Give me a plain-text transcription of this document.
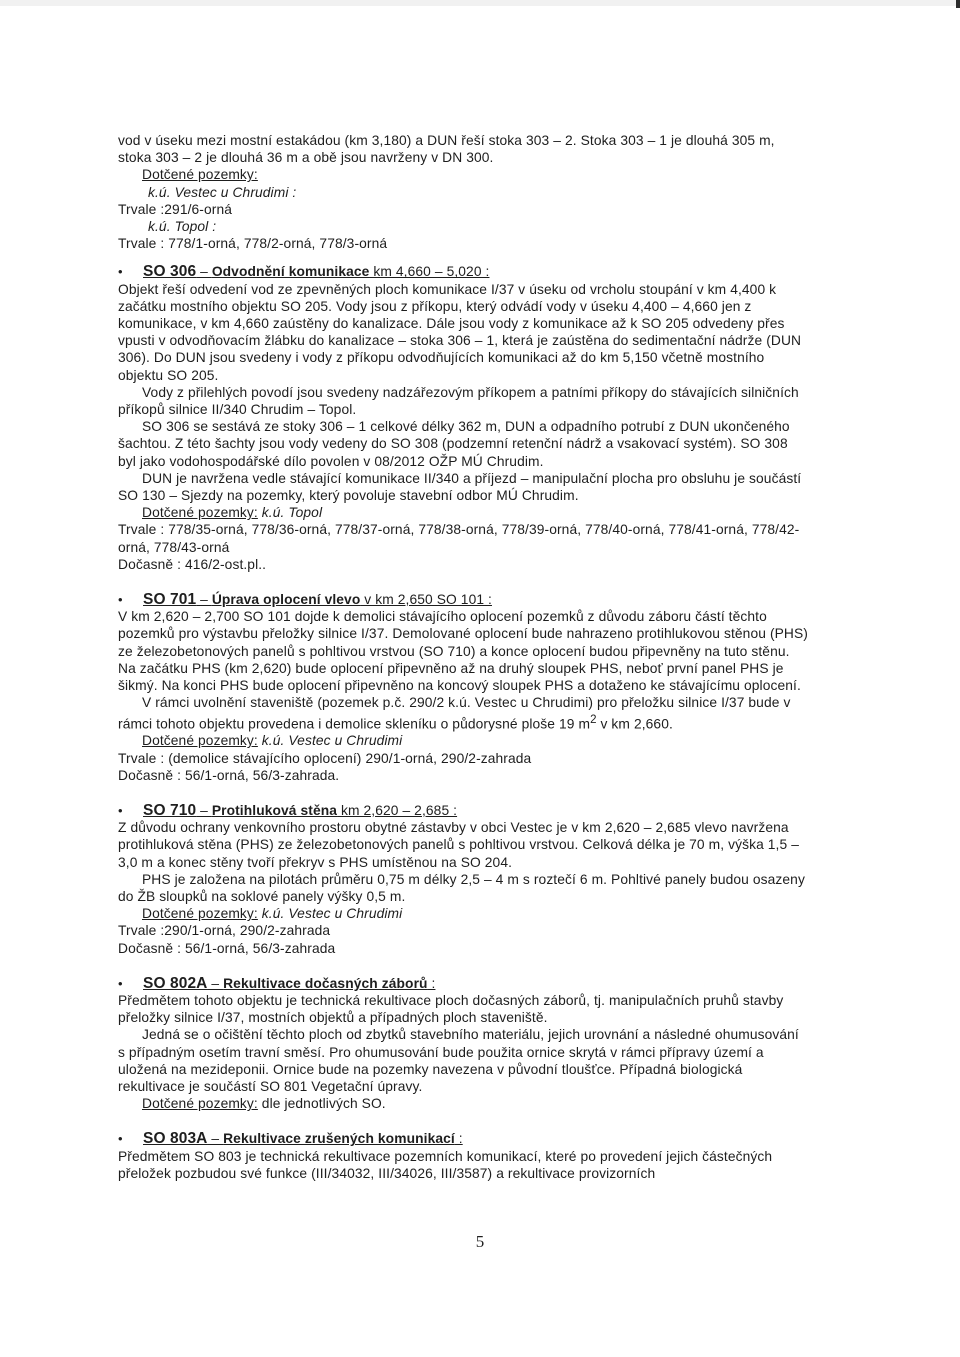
vod v úseku mezi mostní estakádou (km 3,180) a DUN řeší stoka 303 – 2. Stoka 303 – 1 je dlouhá 305 m, stoka 303 – 2 je dlouhá 36 m a obě jsou navrženy v DN 300.

Dotčené pozemky:

k.ú. Vestec u Chrudimi :

Trvale :291/6-orná

k.ú. Topol :

Trvale : 778/1-orná, 778/2-orná, 778/3-orná

• SO 306 – Odvodnění komunikace km 4,660 – 5,020 :

Objekt řeší odvedení vod ze zpevněných ploch komunikace I/37 v úseku od vrcholu stoupání v km 4,400 k začátku mostního objektu SO 205. Vody jsou z příkopu, který odvádí vody v úseku 4,400 – 4,660 jen z komunikace, v km 4,660 zaústěny do kanalizace. Dále jsou vody z komunikace až k SO 205 odvedeny přes vpusti v odvodňovacím žlábku do kanalizace – stoka 306 – 1, která je zaústěna do sedimentační nádrže (DUN 306). Do DUN jsou svedeny i vody z příkopu odvodňujících komunikaci až do km 5,150 včetně mostního objektu SO 205.

Vody z přilehlých povodí jsou svedeny nadzářezovým příkopem a patními příkopy do stávajících silničních příkopů silnice II/340 Chrudim – Topol.

SO 306 se sestává ze stoky 306 – 1 celkové délky 362 m, DUN a odpadního potrubí z DUN ukončeného šachtou. Z této šachty jsou vody vedeny do SO 308 (podzemní retenční nádrž a vsakovací systém). SO 308 byl jako vodohospodářské dílo povolen v 08/2012 OŽP MÚ Chrudim.

DUN je navržena vedle stávající komunikace II/340 a příjezd – manipulační plocha pro obsluhu je součástí SO 130 – Sjezdy na pozemky, který povoluje stavební odbor MÚ Chrudim.

Dotčené pozemky: k.ú. Topol

Trvale : 778/35-orná, 778/36-orná, 778/37-orná, 778/38-orná, 778/39-orná, 778/40-orná, 778/41-orná, 778/42-orná, 778/43-orná

Dočasně : 416/2-ost.pl..

• SO 701 – Úprava oplocení vlevo v km 2,650 SO 101 :

V km 2,620 – 2,700 SO 101 dojde k demolici stávajícího oplocení pozemků z důvodu záboru částí těchto pozemků pro výstavbu přeložky silnice I/37. Demolované oplocení bude nahrazeno protihlukovou stěnou (PHS) ze železobetonových panelů s pohltivou vrstvou (SO 710) a konce oplocení budou připevněny na tuto stěnu. Na začátku PHS (km 2,620) bude oplocení připevněno až na druhý sloupek PHS, neboť první panel PHS je šikmý. Na konci PHS bude oplocení připevněno na koncový sloupek PHS a dotaženo ke stávajícímu oplocení.

V rámci uvolnění staveniště (pozemek p.č. 290/2 k.ú. Vestec u Chrudimi) pro přeložku silnice I/37 bude v rámci tohoto objektu provedena i demolice skleníku o půdorysné ploše 19 $m^2$ v km 2,660.

Dotčené pozemky: k.ú. Vestec u Chrudimi

Trvale : (demolice stávajícího oplocení) 290/1-orná, 290/2-zahrada

Dočasně : 56/1-orná, 56/3-zahrada.

• SO 710 – Protihluková stěna km 2,620 – 2,685 :

Z důvodu ochrany venkovního prostoru obytné zástavby v obci Vestec je v km 2,620 – 2,685 vlevo navržena protihluková stěna (PHS) ze železobetonových panelů s pohltivou vrstvou. Celková délka je 70 m, výška 1,5 – 3,0 m a konec stěny tvoří překryv s PHS umístěnou na SO 204.

PHS je založena na pilotách průměru 0,75 m délky 2,5 – 4 m s roztečí 6 m. Pohltivé panely budou osazeny do ŽB sloupků na soklové panely výšky 0,5 m.

Dotčené pozemky: k.ú. Vestec u Chrudimi

Trvale :290/1-orná, 290/2-zahrada

Dočasně : 56/1-orná, 56/3-zahrada

• SO 802A – Rekultivace dočasných záborů :

Předmětem tohoto objektu je technická rekultivace ploch dočasných záborů, tj. manipulačních pruhů stavby přeložky silnice I/37, mostních objektů a případných ploch staveniště.

Jedná se o očištění těchto ploch od zbytků stavebního materiálu, jejich urovnání a následné ohumusování s případným osetím travní směsí. Pro ohumusování bude použita ornice skrytá v rámci přípravy území a uložená na mezideponii. Ornice bude na pozemky navezena v původní tloušťce. Případná biologická rekultivace je součástí SO 801 Vegetační úpravy.

Dotčené pozemky: dle jednotlivých SO.

• SO 803A – Rekultivace zrušených komunikací :

Předmětem SO 803 je technická rekultivace pozemních komunikací, které po provedení jejich částečných přeložek pozbudou své funkce (III/34032, III/34026, III/3587) a rekultivace provizorních

5
